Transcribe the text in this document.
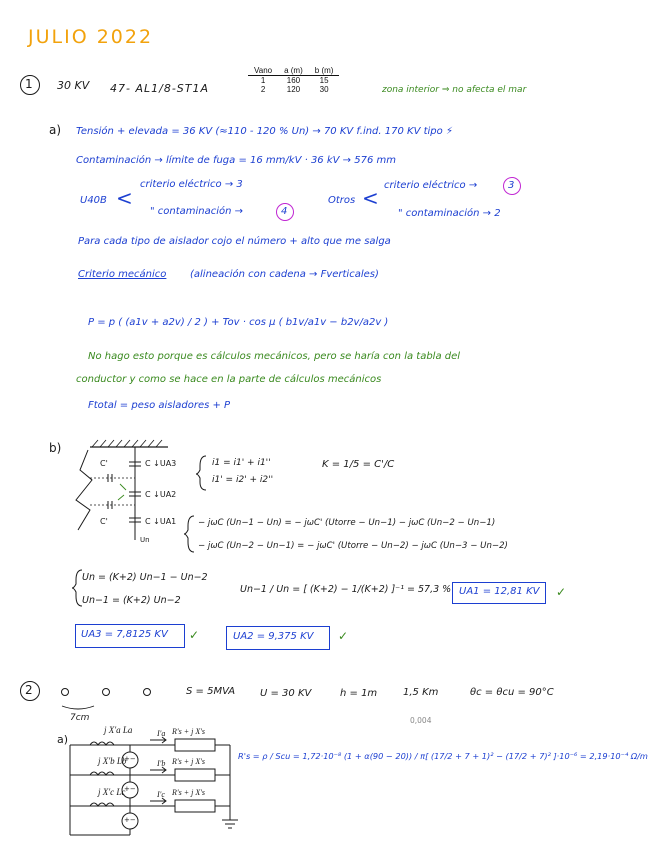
JULIO 2022
1 30 KV 47- AL1/8-ST1A
Vano	a (m)	b (m)
1	160	15
2	120	30	zona interior ⇒ no afecta el mar
a) Tensión + elevada = 36 KV (≈110 - 120 % Un) → 70 KV f.ind. 170 KV tipo ⚡
Contaminación → límite de fuga = 16 mm/kV · 36 kV → 576 mm
U40B <
criterio eléctrico → 3
" contaminación →	4
Otros <
criterio eléctrico →	3
" contaminación → 2
Para cada tipo de aislador cojo el número + alto que me salga
Criterio mecánico (alineación con cadena → Fverticales)
P = p ( (a1v + a2v) / 2 ) + Tov · cos μ ( b1v/a1v − b2v/a2v )
No hago esto porque es cálculos mecánicos, pero se haría con la tabla del
conductor y como se hace en la parte de cálculos mecánicos
Ftotal = peso aisladores + P
b)
C ↓UA3
C ↓UA2
C ↓UA1
Un
C'
C'
i1 = i1' + i1''
i1' = i2' + i2''
K = 1/5 = C'/C
− jωC (Un−1 − Un) = − jωC' (Utorre − Un−1) − jωC (Un−2 − Un−1)
− jωC (Un−2 − Un−1) = − jωC' (Utorre − Un−2) − jωC (Un−3 − Un−2)
Un = (K+2) Un−1 − Un−2
Un−1 = (K+2) Un−2
Un−1 / Un = [ (K+2) − 1/(K+2) ]⁻¹ = 57,3 % UA1 = 12,81 KV ✓
UA3 = 7,8125 KV ✓	UA2 = 9,375 KV ✓
2
7cm
S = 5MVA U = 30 KV	h = 1m	1,5 Km	θc = θcu = 90°C
a)
j X'a La
j X'b Lb
j X'c Lc
+−
+−
+−
I'a
I'b
I'c
R's + j X's
R's + j X's
R's + j X's
0,004
R's = ρ / Scu = 1,72·10⁻⁸ (1 + α(90 − 20)) / π[ (17/2 + 7 + 1)² − (17/2 + 7)² ]·10⁻⁶ = 2,19·10⁻⁴ Ω/m
